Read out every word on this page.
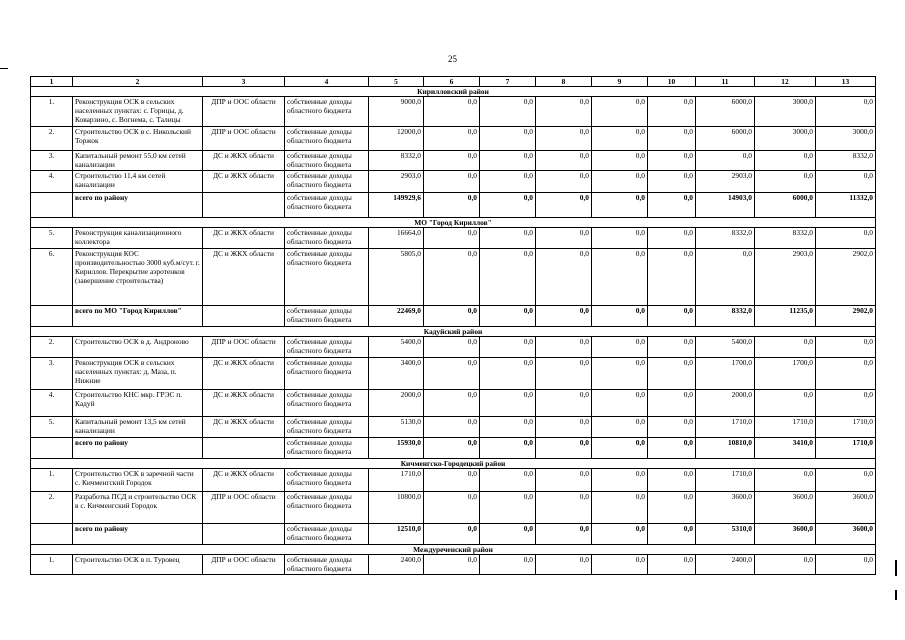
25
1	2	3	4	5	6	7	8	9	10	11	12	13
Кирилловский район												
1.	Реконструкция ОСК в сельских населенных пунктах: с. Горицы, д. Коварзино, с. Вогнема, с. Талицы	ДПР и ООС области	собственные доходы областного бюджета	9000,0	0,0	0,0	0,0	0,0	0,0	6000,0	3000,0	0,0
2.	Строительство ОСК в с. Никольский Торжок	ДПР и ООС области	собственные доходы областного бюджета	12000,0	0,0	0,0	0,0	0,0	0,0	6000,0	3000,0	3000,0
3.	Капитальный ремонт 55,0 км сетей канализации	ДС и ЖКХ области	собственные доходы областного бюджета	8332,0	0,0	0,0	0,0	0,0	0,0	0,0	0,0	8332,0
4.	Строительство 11,4 км сетей канализации	ДС и ЖКХ области	собственные доходы областного бюджета	2903,0	0,0	0,0	0,0	0,0	0,0	2903,0	0,0	0,0
	всего по району		собственные доходы областного бюджета	149929,6	0,0	0,0	0,0	0,0	0,0	14903,0	6000,0	11332,0
МО "Город Кириллов"												
5.	Реконструкция канализационного коллектора	ДС и ЖКХ области	собственные доходы областного бюджета	16664,0	0,0	0,0	0,0	0,0	0,0	8332,0	8332,0	0,0
6.	Реконструкция КОС производительностью 3000 куб.м/сут. г. Кириллов. Перекрытие аэротенков (завершение строительства)	ДС и ЖКХ области	собственные доходы областного бюджета	5805,0	0,0	0,0	0,0	0,0	0,0	0,0	2903,0	2902,0
	всего по МО "Город Кириллов"		собственные доходы областного бюджета	22469,0	0,0	0,0	0,0	0,0	0,0	8332,0	11235,0	2902,0
Кадуйский район												
2.	Строительство ОСК в д. Андроново	ДПР и ООС области	собственные доходы областного бюджета	5400,0	0,0	0,0	0,0	0,0	0,0	5400,0	0,0	0,0
3.	Реконструкция ОСК в сельских населенных пунктах: д. Маза, п. Нижние	ДС и ЖКХ области	собственные доходы областного бюджета	3400,0	0,0	0,0	0,0	0,0	0,0	1700,0	1700,0	0,0
4.	Строительство КНС мкр. ГРЭС п. Кадуй	ДС и ЖКХ области	собственные доходы областного бюджета	2000,0	0,0	0,0	0,0	0,0	0,0	2000,0	0,0	0,0
5.	Капитальный ремонт 13,5 км сетей канализации	ДС и ЖКХ области	собственные доходы областного бюджета	5130,0	0,0	0,0	0,0	0,0	0,0	1710,0	1710,0	1710,0
	всего по району		собственные доходы областного бюджета	15930,0	0,0	0,0	0,0	0,0	0,0	10810,0	3410,0	1710,0
Кичменгско-Городецкий район												
1.	Строительство ОСК в заречной части с. Кичменгский Городок	ДС и ЖКХ области	собственные доходы областного бюджета	1710,0	0,0	0,0	0,0	0,0	0,0	1710,0	0,0	0,0
2.	Разработка ПСД и строительство ОСК в с. Кичменгский Городок	ДПР и ООС области	собственные доходы областного бюджета	10800,0	0,0	0,0	0,0	0,0	0,0	3600,0	3600,0	3600,0
	всего по району		собственные доходы областного бюджета	12510,0	0,0	0,0	0,0	0,0	0,0	5310,0	3600,0	3600,0
Междуреченский район												
1.	Строительство ОСК в п. Туровец	ДПР и ООС области	собственные доходы областного бюджета	2400,0	0,0	0,0	0,0	0,0	0,0	2400,0	0,0	0,0
